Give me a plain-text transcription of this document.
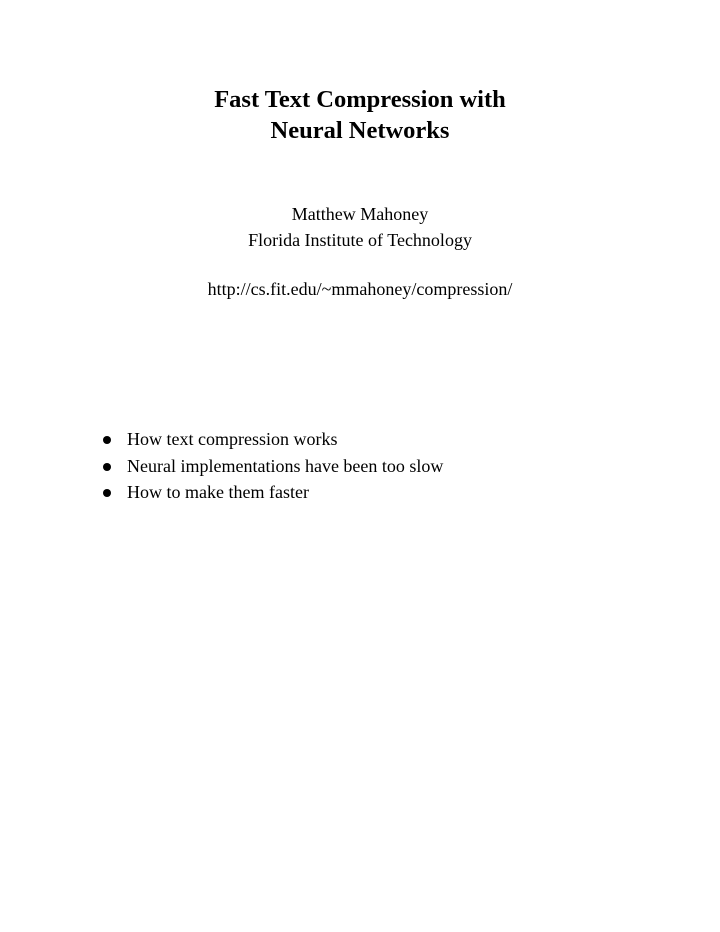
Fast Text Compression with
Neural Networks
Matthew Mahoney
Florida Institute of Technology
http://cs.fit.edu/~mmahoney/compression/
How text compression works
Neural implementations have been too slow
How to make them faster
